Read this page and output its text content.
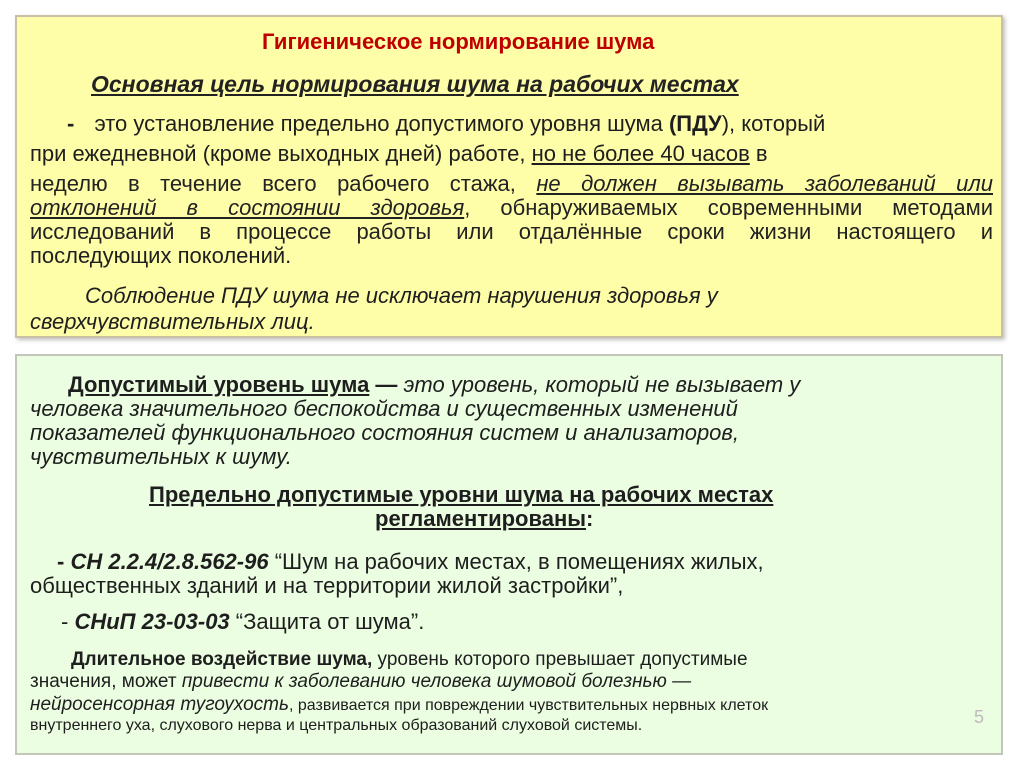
Гигиеническое нормирование шума
Основная цель нормирования шума на рабочих местах
- это установление предельно допустимого уровня шума (ПДУ), который
при ежедневной (кроме выходных дней) работе, но не более 40 часов в
неделю в течение всего рабочего стажа, не должен вызывать заболеваний или
отклонений в состоянии здоровья, обнаруживаемых современными методами
исследований в процессе работы или отдалённые сроки жизни настоящего и
последующих поколений.
Соблюдение ПДУ шума не исключает нарушения здоровья у
сверхчувствительных лиц.
Допустимый уровень шума — это уровень, который не вызывает у
человека значительного беспокойства и существенных изменений
показателей функционального состояния систем и анализаторов,
чувствительных к шуму.
Предельно допустимые уровни шума на рабочих местах
регламентированы:
- СН 2.2.4/2.8.562-96 “Шум на рабочих местах, в помещениях жилых,
общественных зданий и на территории жилой застройки”,
- СНиП 23-03-03 “Защита от шума”.
Длительное воздействие шума, уровень которого превышает допустимые
значения, может привести к заболеванию человека шумовой болезнью —
нейросенсорная тугоухость, развивается при повреждении чувствительных нервных клеток
внутреннего уха, слухового нерва и центральных образований слуховой системы.	5
